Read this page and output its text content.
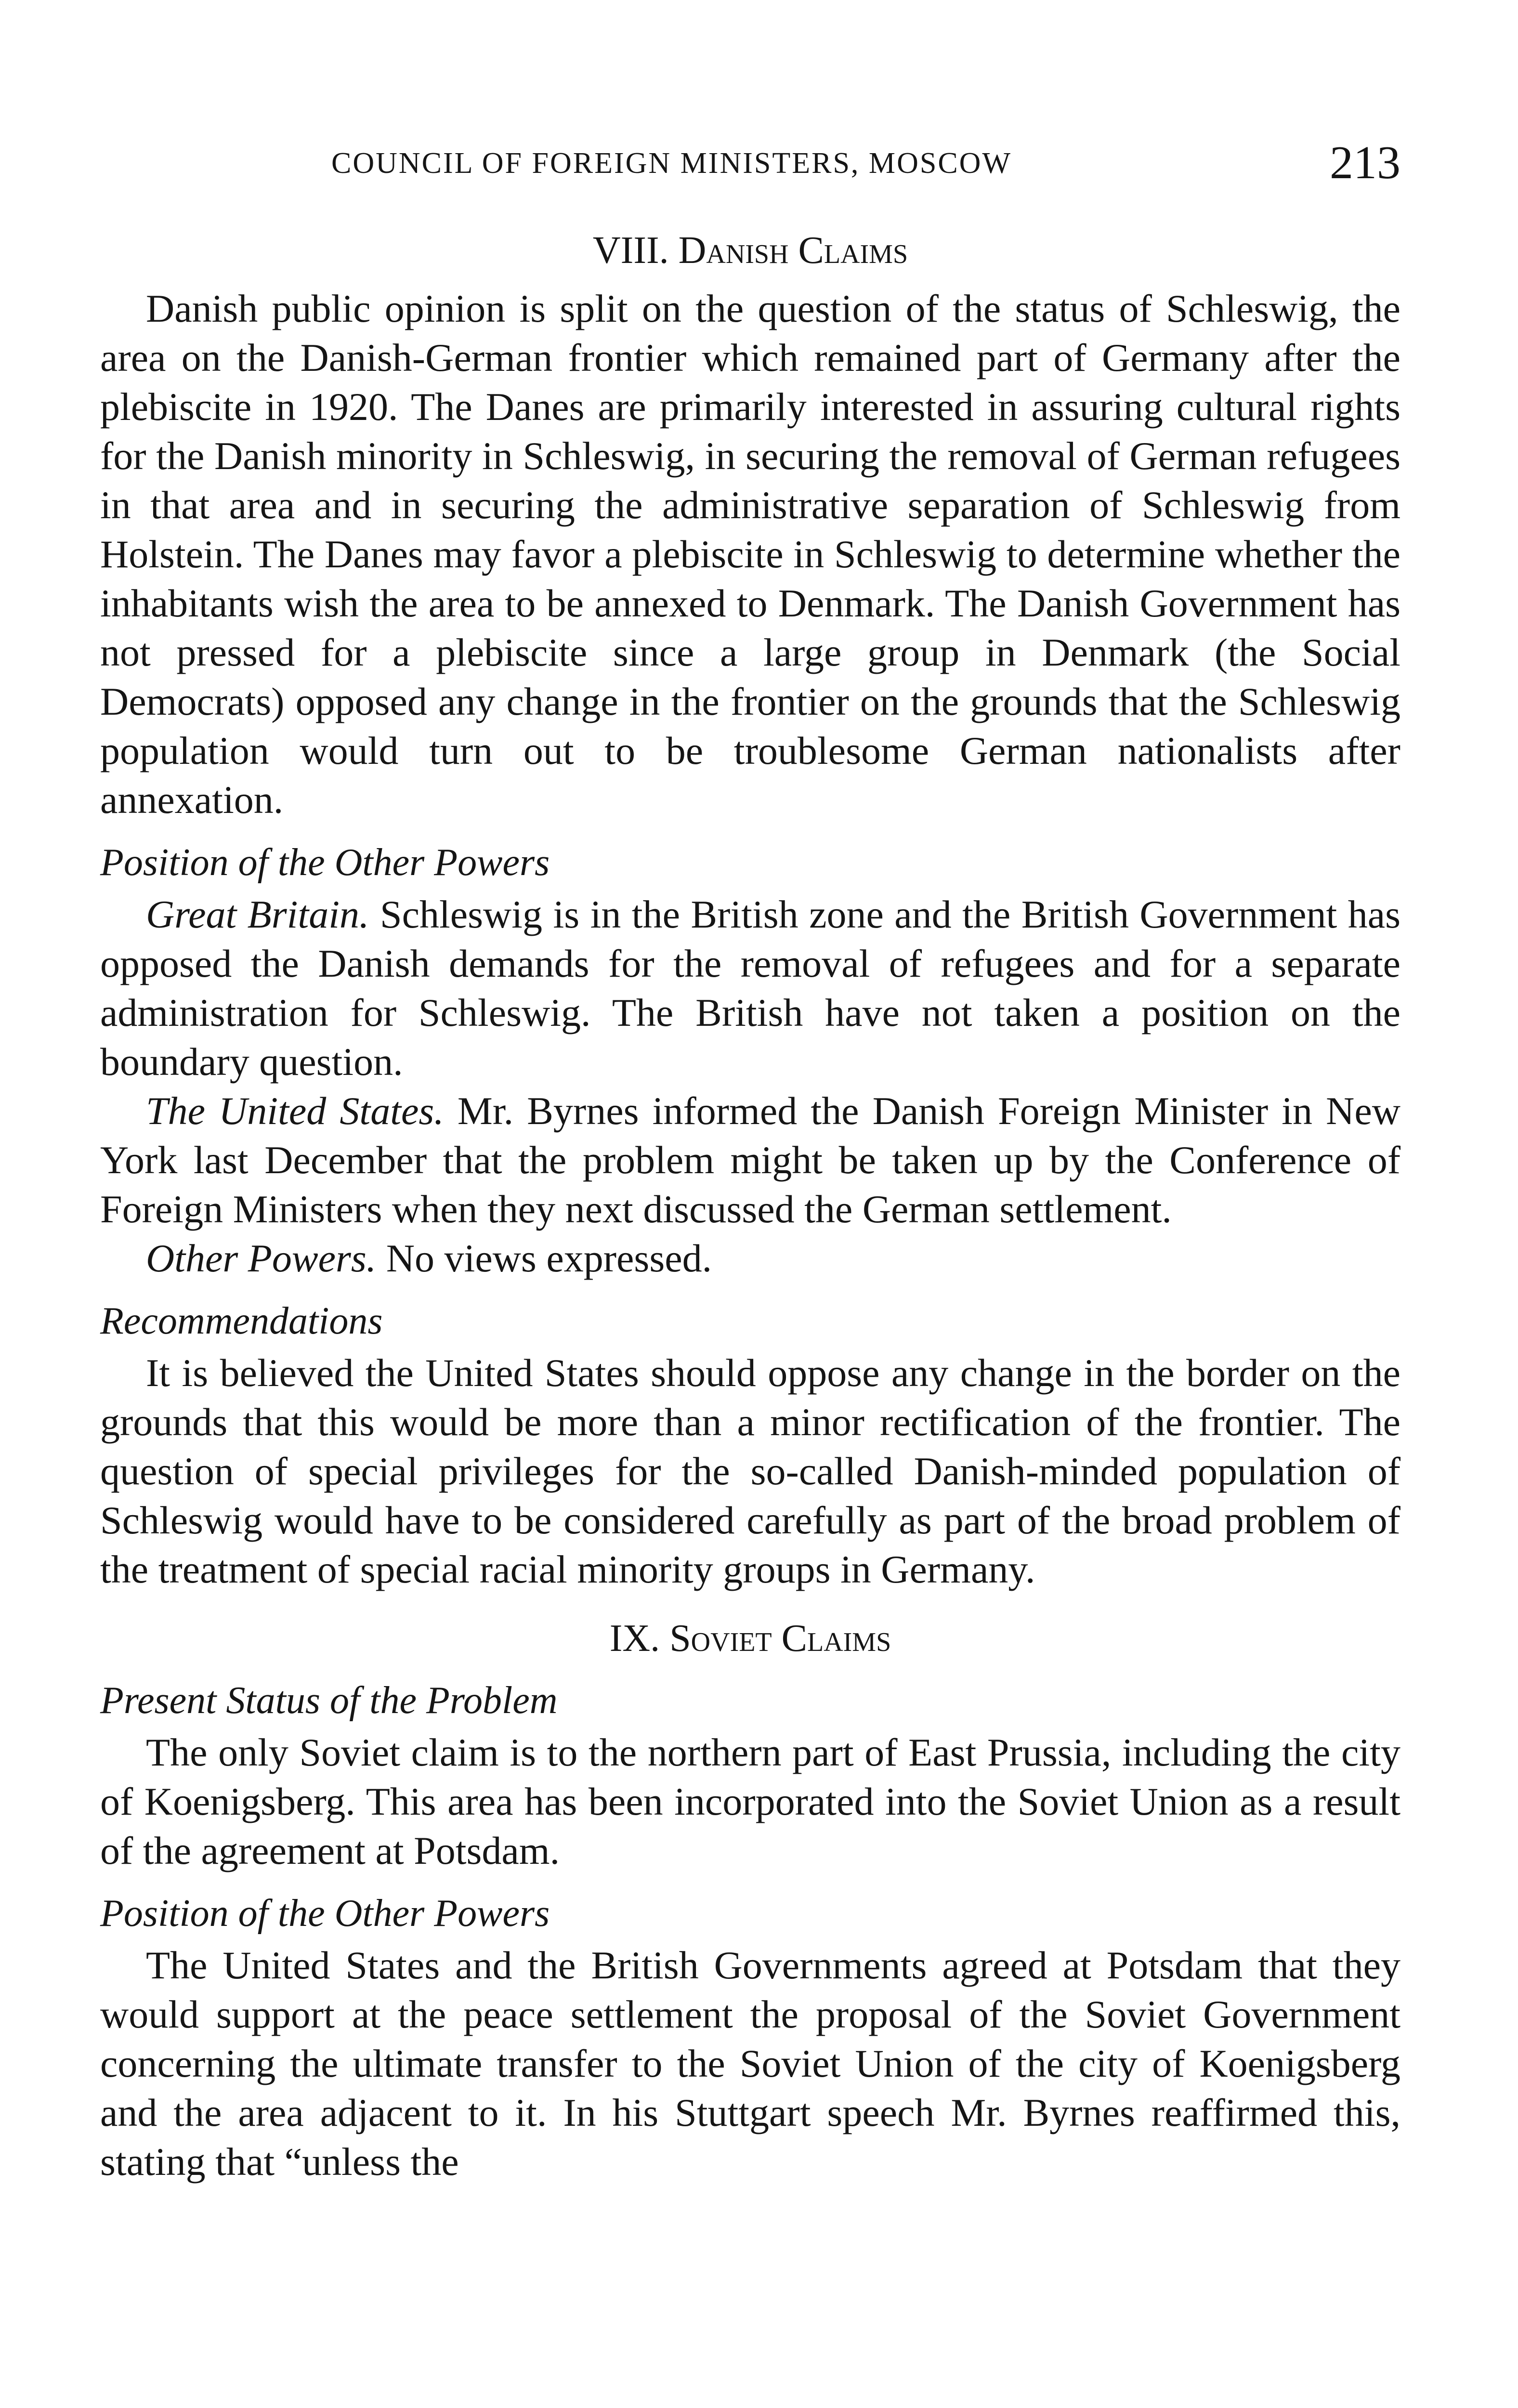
COUNCIL OF FOREIGN MINISTERS, MOSCOW	213
VIII. Danish Claims

Danish public opinion is split on the question of the status of Schleswig, the area on the Danish-German frontier which remained part of Germany after the plebiscite in 1920. The Danes are primarily interested in assuring cultural rights for the Danish minority in Schleswig, in securing the removal of German refugees in that area and in securing the administrative separation of Schleswig from Holstein. The Danes may favor a plebiscite in Schleswig to determine whether the inhabitants wish the area to be annexed to Denmark. The Danish Government has not pressed for a plebiscite since a large group in Denmark (the Social Democrats) opposed any change in the frontier on the grounds that the Schleswig population would turn out to be troublesome German nationalists after annexation.

Position of the Other Powers

Great Britain. Schleswig is in the British zone and the British Government has opposed the Danish demands for the removal of refugees and for a separate administration for Schleswig. The British have not taken a position on the boundary question.

The United States. Mr. Byrnes informed the Danish Foreign Minister in New York last December that the problem might be taken up by the Conference of Foreign Ministers when they next discussed the German settlement.

Other Powers. No views expressed.

Recommendations

It is believed the United States should oppose any change in the border on the grounds that this would be more than a minor rectification of the frontier. The question of special privileges for the so-called Danish-minded population of Schleswig would have to be considered carefully as part of the broad problem of the treatment of special racial minority groups in Germany.

IX. Soviet Claims
Present Status of the Problem

The only Soviet claim is to the northern part of East Prussia, including the city of Koenigsberg. This area has been incorporated into the Soviet Union as a result of the agreement at Potsdam.

Position of the Other Powers

The United States and the British Governments agreed at Potsdam that they would support at the peace settlement the proposal of the Soviet Government concerning the ultimate transfer to the Soviet Union of the city of Koenigsberg and the area adjacent to it. In his Stuttgart speech Mr. Byrnes reaffirmed this, stating that “unless the
